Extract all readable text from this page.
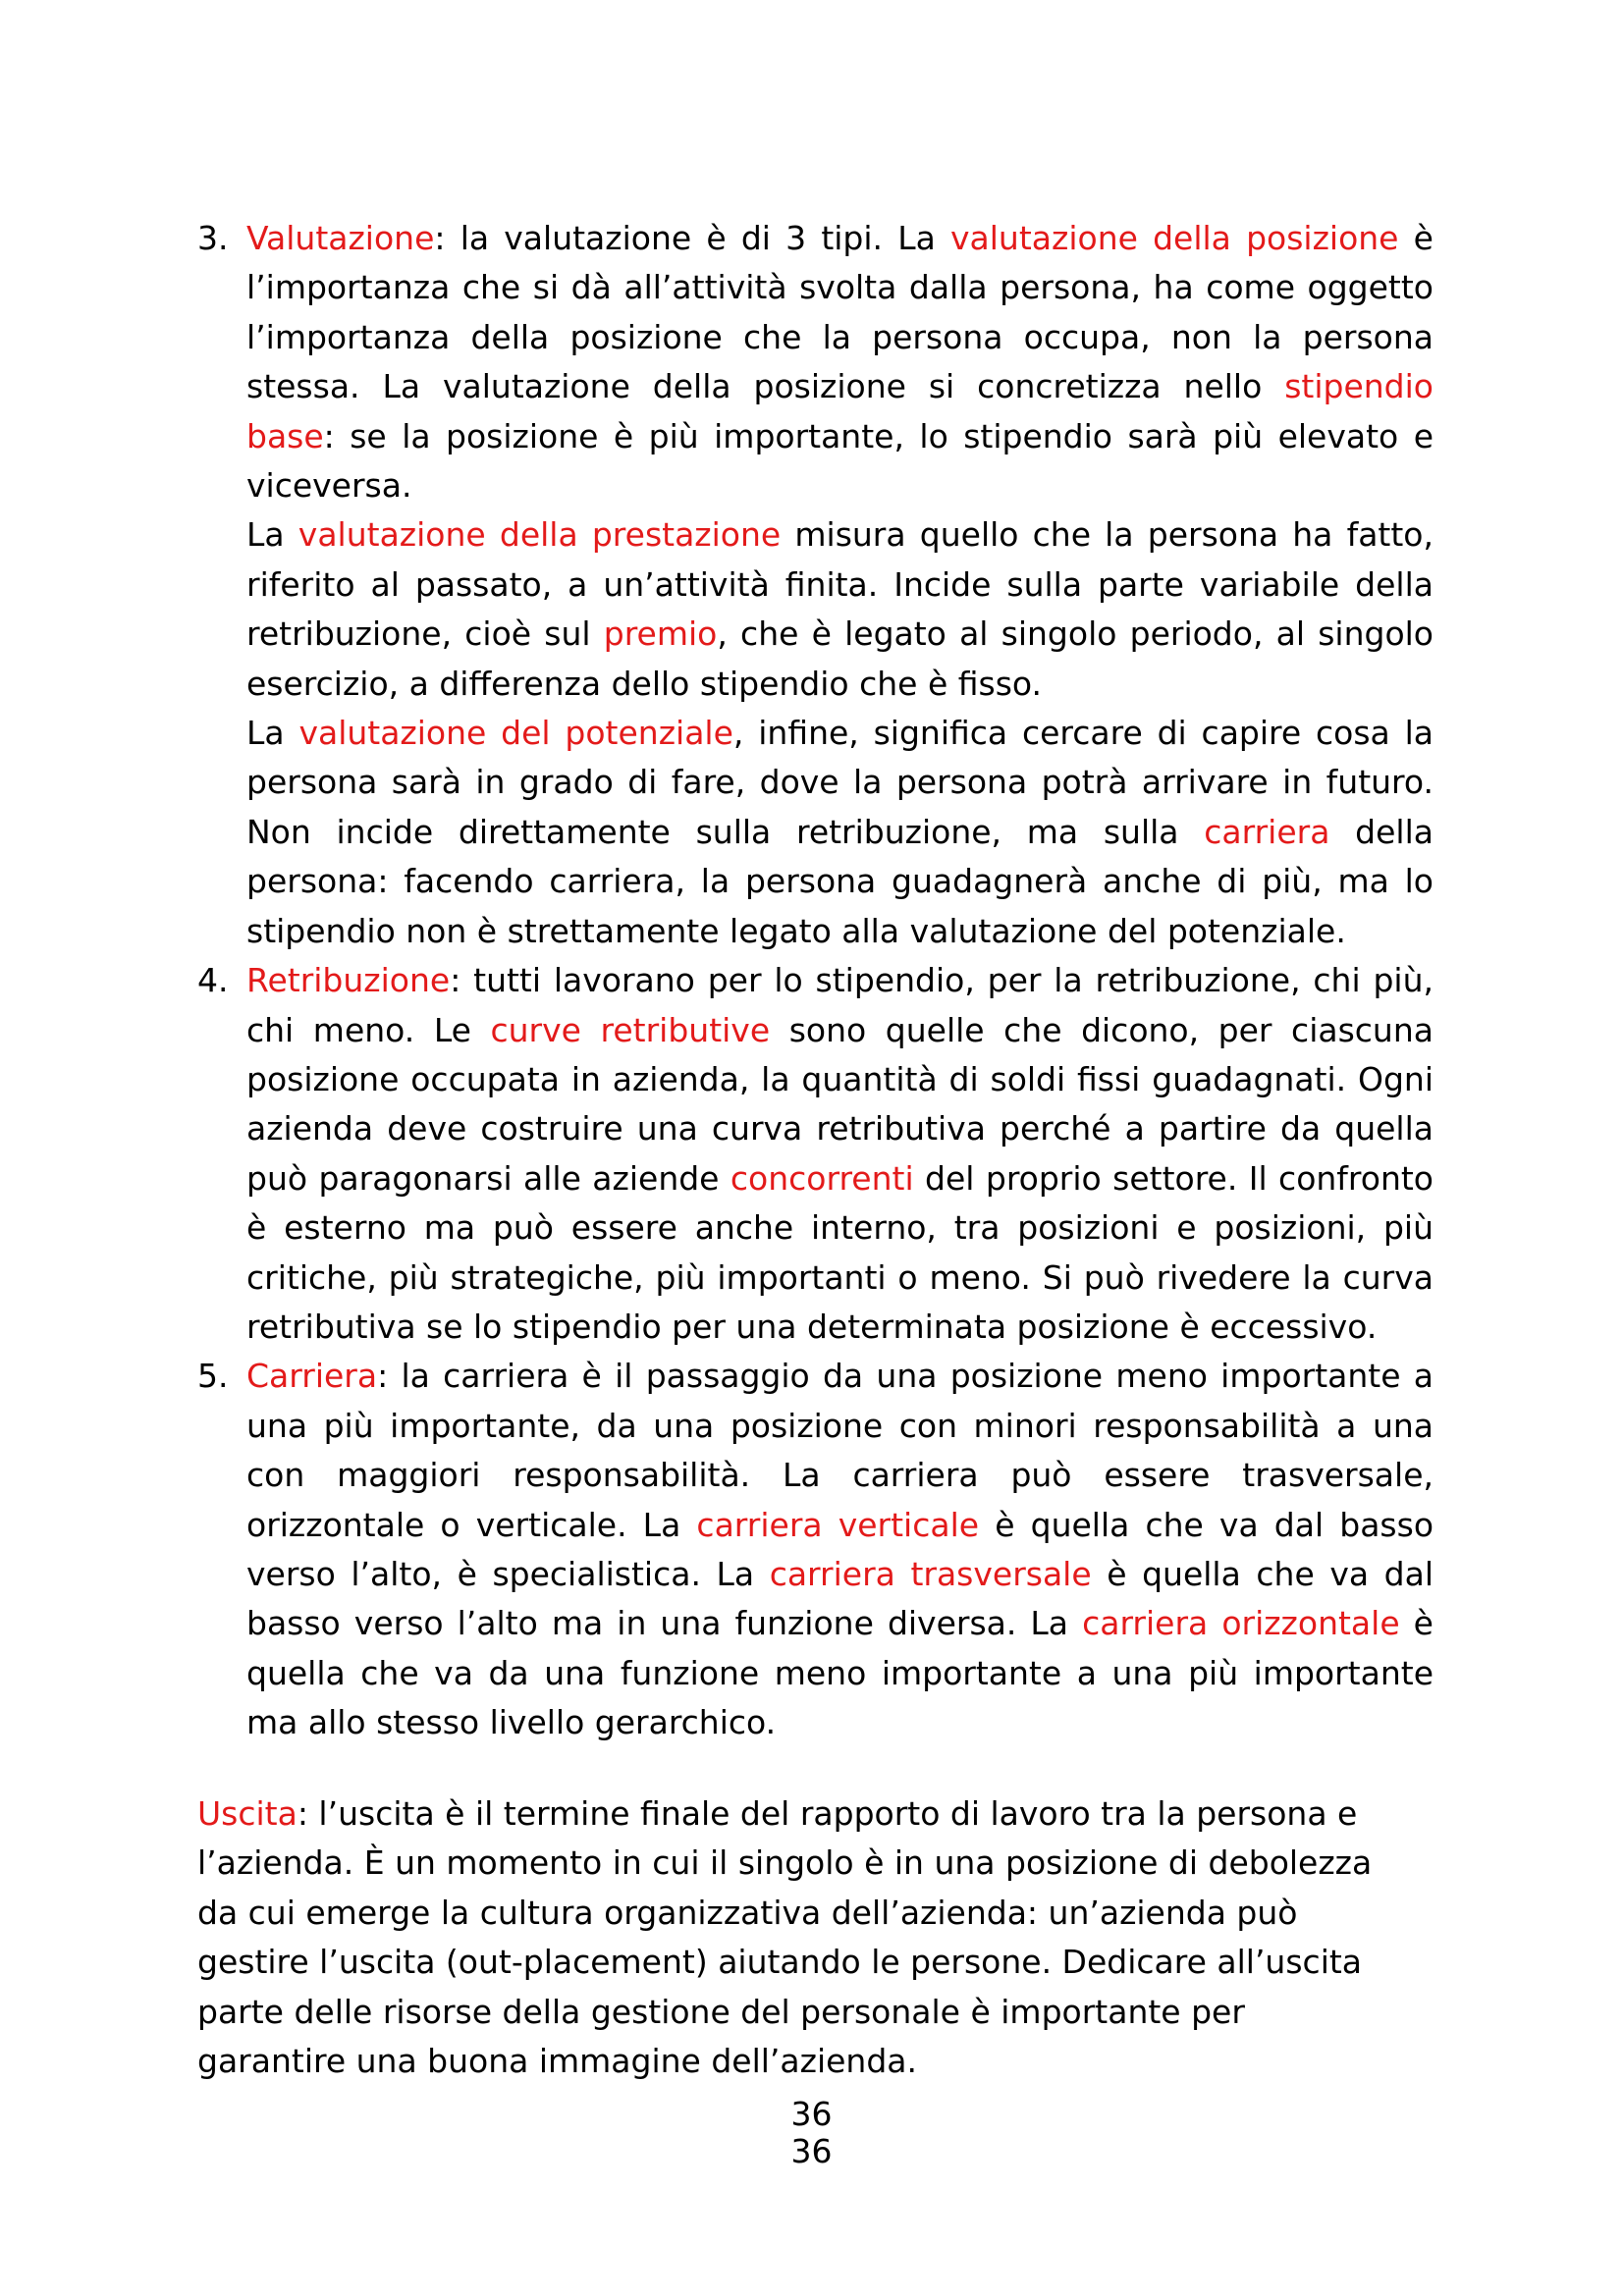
3. Valutazione: la valutazione è di 3 tipi. La valutazione della posizione è l’importanza che si dà all’attività svolta dalla persona, ha come oggetto l’importanza della posizione che la persona occupa, non la persona stessa. La valutazione della posizione si concretizza nello stipendio base: se la posizione è più importante, lo stipendio sarà più elevato e viceversa.
La valutazione della prestazione misura quello che la persona ha fatto, riferito al passato, a un’attività finita. Incide sulla parte variabile della retribuzione, cioè sul premio, che è legato al singolo periodo, al singolo esercizio, a differenza dello stipendio che è fisso.
La valutazione del potenziale, infine, significa cercare di capire cosa la persona sarà in grado di fare, dove la persona potrà arrivare in futuro. Non incide direttamente sulla retribuzione, ma sulla carriera della persona: facendo carriera, la persona guadagnerà anche di più, ma lo stipendio non è strettamente legato alla valutazione del potenziale.
4. Retribuzione: tutti lavorano per lo stipendio, per la retribuzione, chi più, chi meno. Le curve retributive sono quelle che dicono, per ciascuna posizione occupata in azienda, la quantità di soldi fissi guadagnati. Ogni azienda deve costruire una curva retributiva perché a partire da quella può paragonarsi alle aziende concorrenti del proprio settore. Il confronto è esterno ma può essere anche interno, tra posizioni e posizioni, più critiche, più strategiche, più importanti o meno. Si può rivedere la curva retributiva se lo stipendio per una determinata posizione è eccessivo.
5. Carriera: la carriera è il passaggio da una posizione meno importante a una più importante, da una posizione con minori responsabilità a una con maggiori responsabilità. La carriera può essere trasversale, orizzontale o verticale. La carriera verticale è quella che va dal basso verso l’alto, è specialistica. La carriera trasversale è quella che va dal basso verso l’alto ma in una funzione diversa. La carriera orizzontale è quella che va da una funzione meno importante a una più importante ma allo stesso livello gerarchico.

Uscita: l’uscita è il termine finale del rapporto di lavoro tra la persona e l’azienda. È un momento in cui il singolo è in una posizione di debolezza da cui emerge la cultura organizzativa dell’azienda: un’azienda può gestire l’uscita (out-placement) aiutando le persone. Dedicare all’uscita parte delle risorse della gestione del personale è importante per garantire una buona immagine dell’azienda.

36
36
